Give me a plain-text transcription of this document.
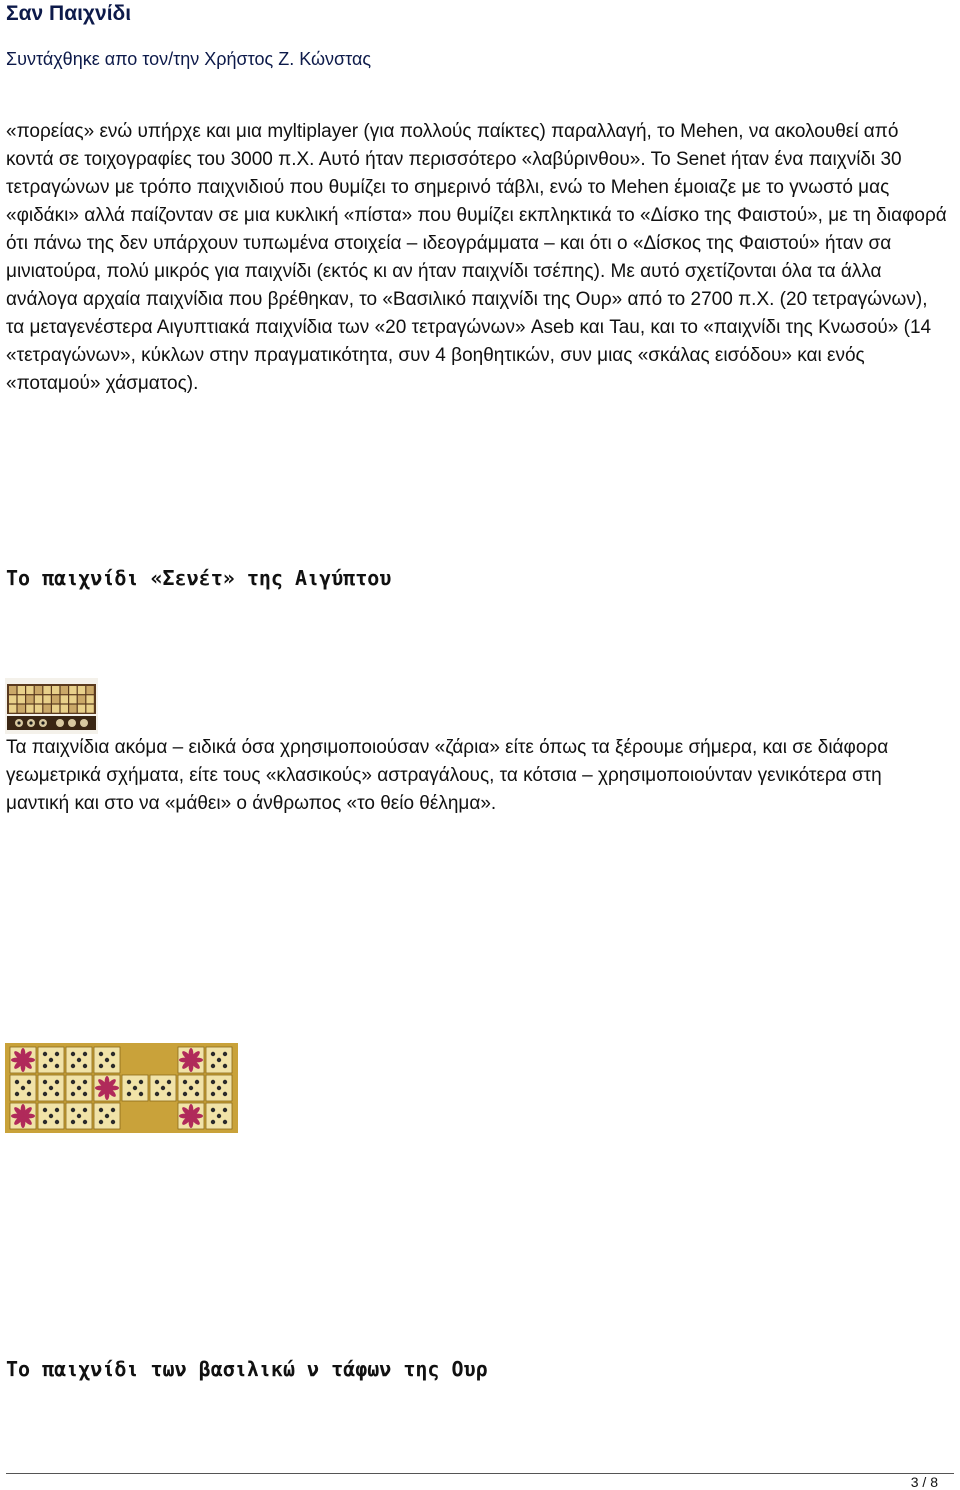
Σαν Παιχνίδι
Συντάχθηκε απο τον/την Χρήστος Ζ. Κώνστας

«πορείας» ενώ υπήρχε και μια myltiplayer (για πολλούς παίκτες) παραλλαγή, το Mehen, να ακολουθεί από κοντά σε τοιχογραφίες του 3000 π.Χ. Αυτό ήταν περισσότερο «λαβύρινθου». Το Senet ήταν ένα παιχνίδι 30 τετραγώνων με τρόπο παιχνιδιού που θυμίζει το σημερινό τάβλι, ενώ το Mehen έμοιαζε με το γνωστό μας «φιδάκι» αλλά παίζονταν σε μια κυκλική «πίστα» που θυμίζει εκπληκτικά το «Δίσκο της Φαιστού», με τη διαφορά ότι πάνω της δεν υπάρχουν τυπωμένα στοιχεία – ιδεογράμματα – και ότι ο «Δίσκος της Φαιστού» ήταν σα μινιατούρα, πολύ μικρός για παιχνίδι (εκτός κι αν ήταν παιχνίδι τσέπης). Με αυτό σχετίζονται όλα τα άλλα ανάλογα αρχαία παιχνίδια που βρέθηκαν, το «Βασιλικό παιχνίδι της Ουρ» από το 2700 π.Χ. (20 τετραγώνων), τα μεταγενέστερα Αιγυπτιακά παιχνίδια των «20 τετραγώνων» Aseb και Tau, και το «παιχνίδι της Κνωσού» (14 «τετραγώνων», κύκλων στην πραγματικότητα, συν 4 βοηθητικών, συν μιας «σκάλας εισόδου» και ενός «ποταμού» χάσματος).

Το παιχνίδι «Σενέτ» της Αιγύπτου

Τα παιχνίδια ακόμα – ειδικά όσα χρησιμοποιούσαν «ζάρια» είτε όπως τα ξέρουμε σήμερα, και σε διάφορα γεωμετρικά σχήματα, είτε τους «κλασικούς» αστραγάλους, τα κότσια – χρησιμοποιούνταν γενικότερα στη μαντική και στο να «μάθει» ο άνθρωπος «το θείο θέλημα».

Το παιχνίδι των βασιλικώ ν τάφων της Ουρ
3 / 8
